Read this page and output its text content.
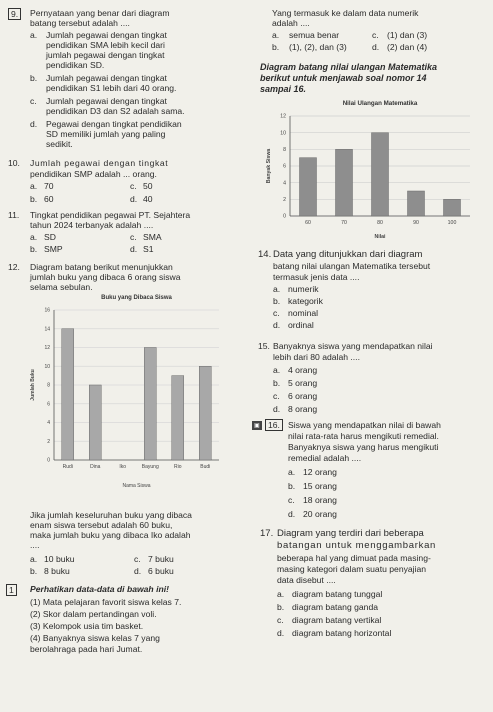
9.	Pernyataan yang benar dari diagram
batang tersebut adalah ....
a. Jumlah pegawai dengan tingkat
pendidikan SMA lebih kecil dari
jumlah pegawai dengan tingkat
pendidikan SD.
b. Jumlah pegawai dengan tingkat
pendidikan S1 lebih dari 40 orang.
c. Jumlah pegawai dengan tingkat
pendidikan D3 dan S2 adalah sama.
d. Pegawai dengan tingkat pendidikan
SD memiliki jumlah yang paling
sedikit.
10. Jumlah pegawai dengan tingkat
pendidikan SMP adalah ... orang.
a. 70	c. 50
b. 60	d. 40
11. Tingkat pendidikan pegawai PT. Sejahtera
tahun 2024 terbanyak adalah ....
a. SD	c. SMA
b. SMP	d. S1
12. Diagram batang berikut menunjukkan
jumlah buku yang dibaca 6 orang siswa
selama sebulan.
Buku yang Dibaca Siswa
0
2
4
6
8
10
12
14
16
Rudi	Dina	Iko	Bayung	Rio	Budi
Nama Siswa
Jumlah Buku
Jika jumlah keseluruhan buku yang dibaca
enam siswa tersebut adalah 60 buku,
maka jumlah buku yang dibaca Iko adalah
....
a. 10 buku	c. 7 buku
b. 8 buku	d. 6 buku
1	Perhatikan data-data di bawah ini!
(1) Mata pelajaran favorit siswa kelas 7.
(2) Skor dalam pertandingan voli.
(3) Kelompok usia tim basket.
(4) Banyaknya siswa kelas 7 yang
berolahraga pada hari Jumat.
Yang termasuk ke dalam data numerik
adalah ....
a. semua benar	c. (1) dan (3)
b. (1), (2), dan (3)	d. (2) dan (4)
Diagram batang nilai ulangan Matematika
berikut untuk menjawab soal nomor 14
sampai 16.
Nilai Ulangan Matematika
0
2
4
6
8
10
12
60	70	80	90	100
Nilai
Banyak Siswa
14. Data yang ditunjukkan dari diagram
batang nilai ulangan Matematika tersebut
termasuk jenis data ....
a. numerik
b. kategorik
c. nominal
d. ordinal
15. Banyaknya siswa yang mendapatkan nilai
lebih dari 80 adalah ....
a. 4 orang
b. 5 orang
c. 6 orang
d. 8 orang
▣ 16. Siswa yang mendapatkan nilai di bawah
nilai rata-rata harus mengikuti remedial.
Banyaknya siswa yang harus mengikuti
remedial adalah ....
a. 12 orang
b. 15 orang
c. 18 orang
d. 20 orang
17. Diagram yang terdiri dari beberapa
batangan untuk menggambarkan
beberapa hal yang dimuat pada masing-
masing kategori dalam suatu penyajian
data disebut ....
a. diagram batang tunggal
b. diagram batang ganda
c. diagram batang vertikal
d. diagram batang horizontal
